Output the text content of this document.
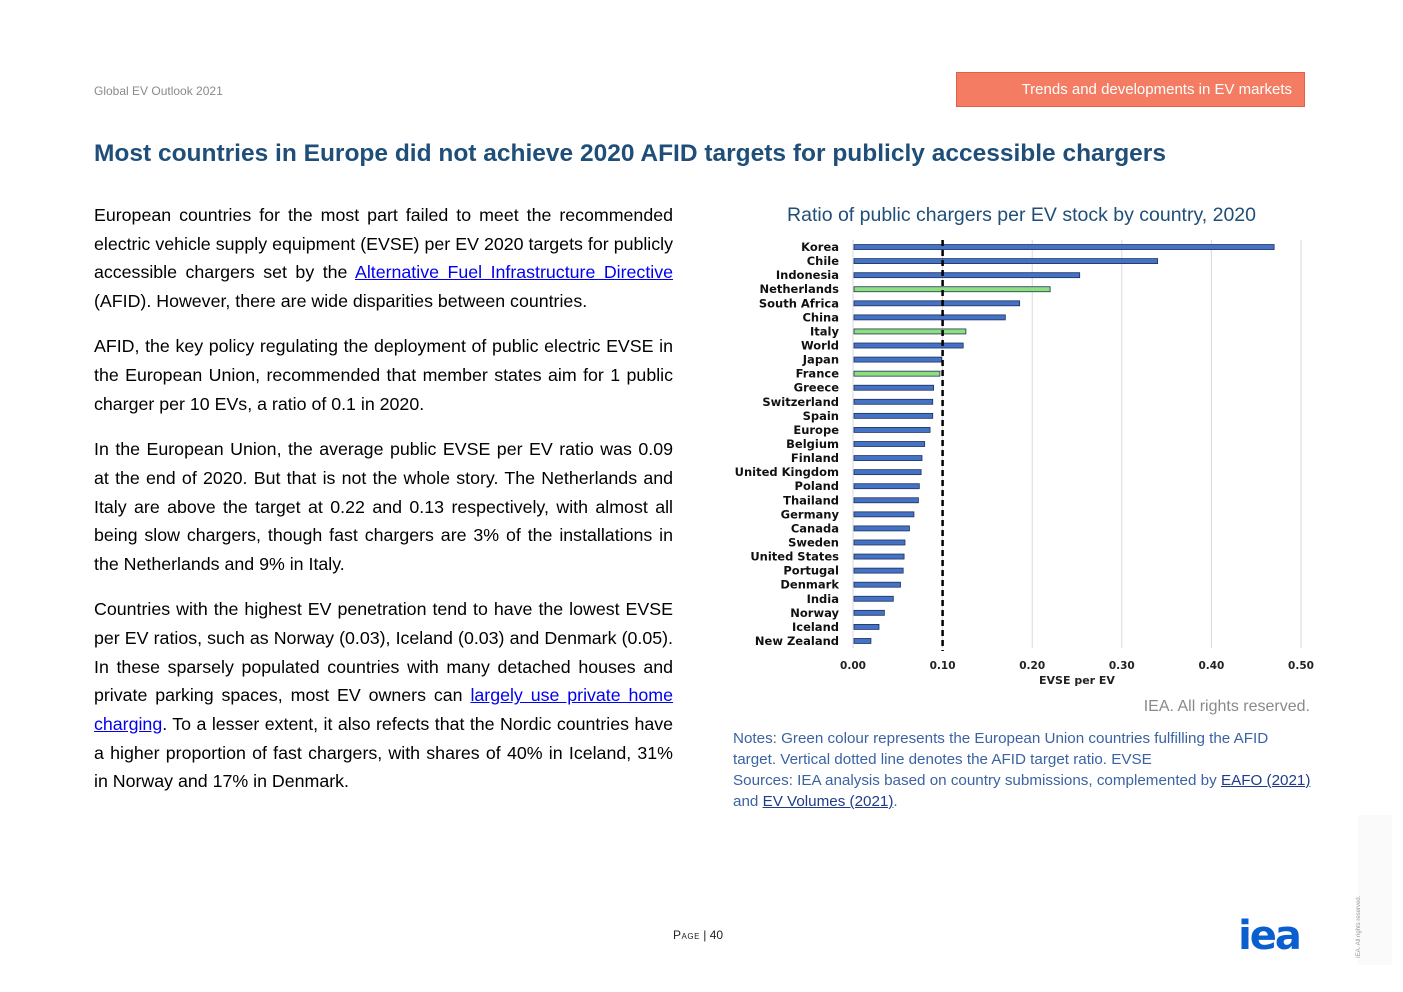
Global EV Outlook 2021	Trends and developments in EV markets
Most countries in Europe did not achieve 2020 AFID targets for publicly accessible chargers

European countries for the most part failed to meet the recommended electric vehicle supply equipment (EVSE) per EV 2020 targets for publicly accessible chargers set by the Alternative Fuel Infrastructure Directive (AFID). However, there are wide disparities between countries.

AFID, the key policy regulating the deployment of public electric EVSE in the European Union, recommended that member states aim for 1 public charger per 10 EVs, a ratio of 0.1 in 2020.

In the European Union, the average public EVSE per EV ratio was 0.09 at the end of 2020. But that is not the whole story. The Netherlands and Italy are above the target at 0.22 and 0.13 respectively, with almost all being slow chargers, though fast chargers are 3% of the installations in the Netherlands and 9% in Italy.

Countries with the highest EV penetration tend to have the lowest EVSE per EV ratios, such as Norway (0.03), Iceland (0.03) and Denmark (0.05). In these sparsely populated countries with many detached houses and private parking spaces, most EV owners can largely use private home charging. To a lesser extent, it also refects that the Nordic countries have a higher proportion of fast chargers, with shares of 40% in Iceland, 31% in Norway and 17% in Denmark.

Ratio of public chargers per EV stock by country, 2020
0.00	0.10	0.20	0.30	0.40	0.50
Korea
Chile
Indonesia
Netherlands
South Africa
China
Italy
World
Japan
France
Greece
Switzerland
Spain
Europe
Belgium
Finland
United Kingdom
Poland
Thailand
Germany
Canada
Sweden
United States
Portugal
Denmark
India
Norway
Iceland
New Zealand
EVSE per EV
IEA. All rights reserved.
Notes: Green colour represents the European Union countries fulfilling the AFID target. Vertical dotted line denotes the AFID target ratio. EVSE
Sources: IEA analysis based on country submissions, complemented by EAFO (2021) and EV Volumes (2021).
Page | 40	IEA. All rights reserved.
iea
